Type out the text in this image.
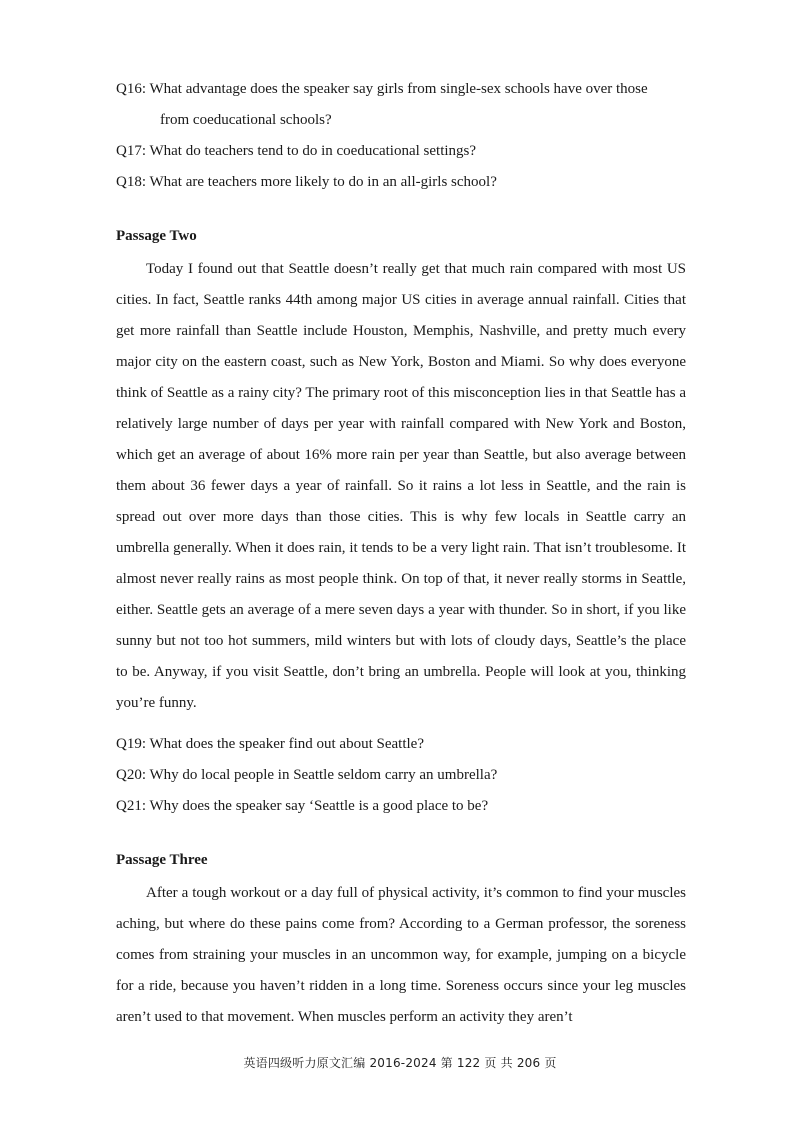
Q16: What advantage does the speaker say girls from single-sex schools have over those
from coeducational schools?

Q17: What do teachers tend to do in coeducational settings?

Q18: What are teachers more likely to do in an all-girls school?

Passage Two

Today I found out that Seattle doesn’t really get that much rain compared with most US cities. In fact, Seattle ranks 44th among major US cities in average annual rainfall. Cities that get more rainfall than Seattle include Houston, Memphis, Nashville, and pretty much every major city on the eastern coast, such as New York, Boston and Miami. So why does everyone think of Seattle as a rainy city? The primary root of this misconception lies in that Seattle has a relatively large number of days per year with rainfall compared with New York and Boston, which get an average of about 16% more rain per year than Seattle, but also average between them about 36 fewer days a year of rainfall. So it rains a lot less in Seattle, and the rain is spread out over more days than those cities. This is why few locals in Seattle carry an umbrella generally. When it does rain, it tends to be a very light rain. That isn’t troublesome. It almost never really rains as most people think. On top of that, it never really storms in Seattle, either. Seattle gets an average of a mere seven days a year with thunder. So in short, if you like sunny but not too hot summers, mild winters but with lots of cloudy days, Seattle’s the place to be. Anyway, if you visit Seattle, don’t bring an umbrella. People will look at you, thinking you’re funny.

Q19: What does the speaker find out about Seattle?

Q20: Why do local people in Seattle seldom carry an umbrella?

Q21: Why does the speaker say ‘Seattle is a good place to be?

Passage Three

After a tough workout or a day full of physical activity, it’s common to find your muscles aching, but where do these pains come from? According to a German professor, the soreness comes from straining your muscles in an uncommon way, for example, jumping on a bicycle for a ride, because you haven’t ridden in a long time. Soreness occurs since your leg muscles aren’t used to that movement. When muscles perform an activity they aren’t

英语四级听力原文汇编 2016-2024 第 122 页 共 206 页
